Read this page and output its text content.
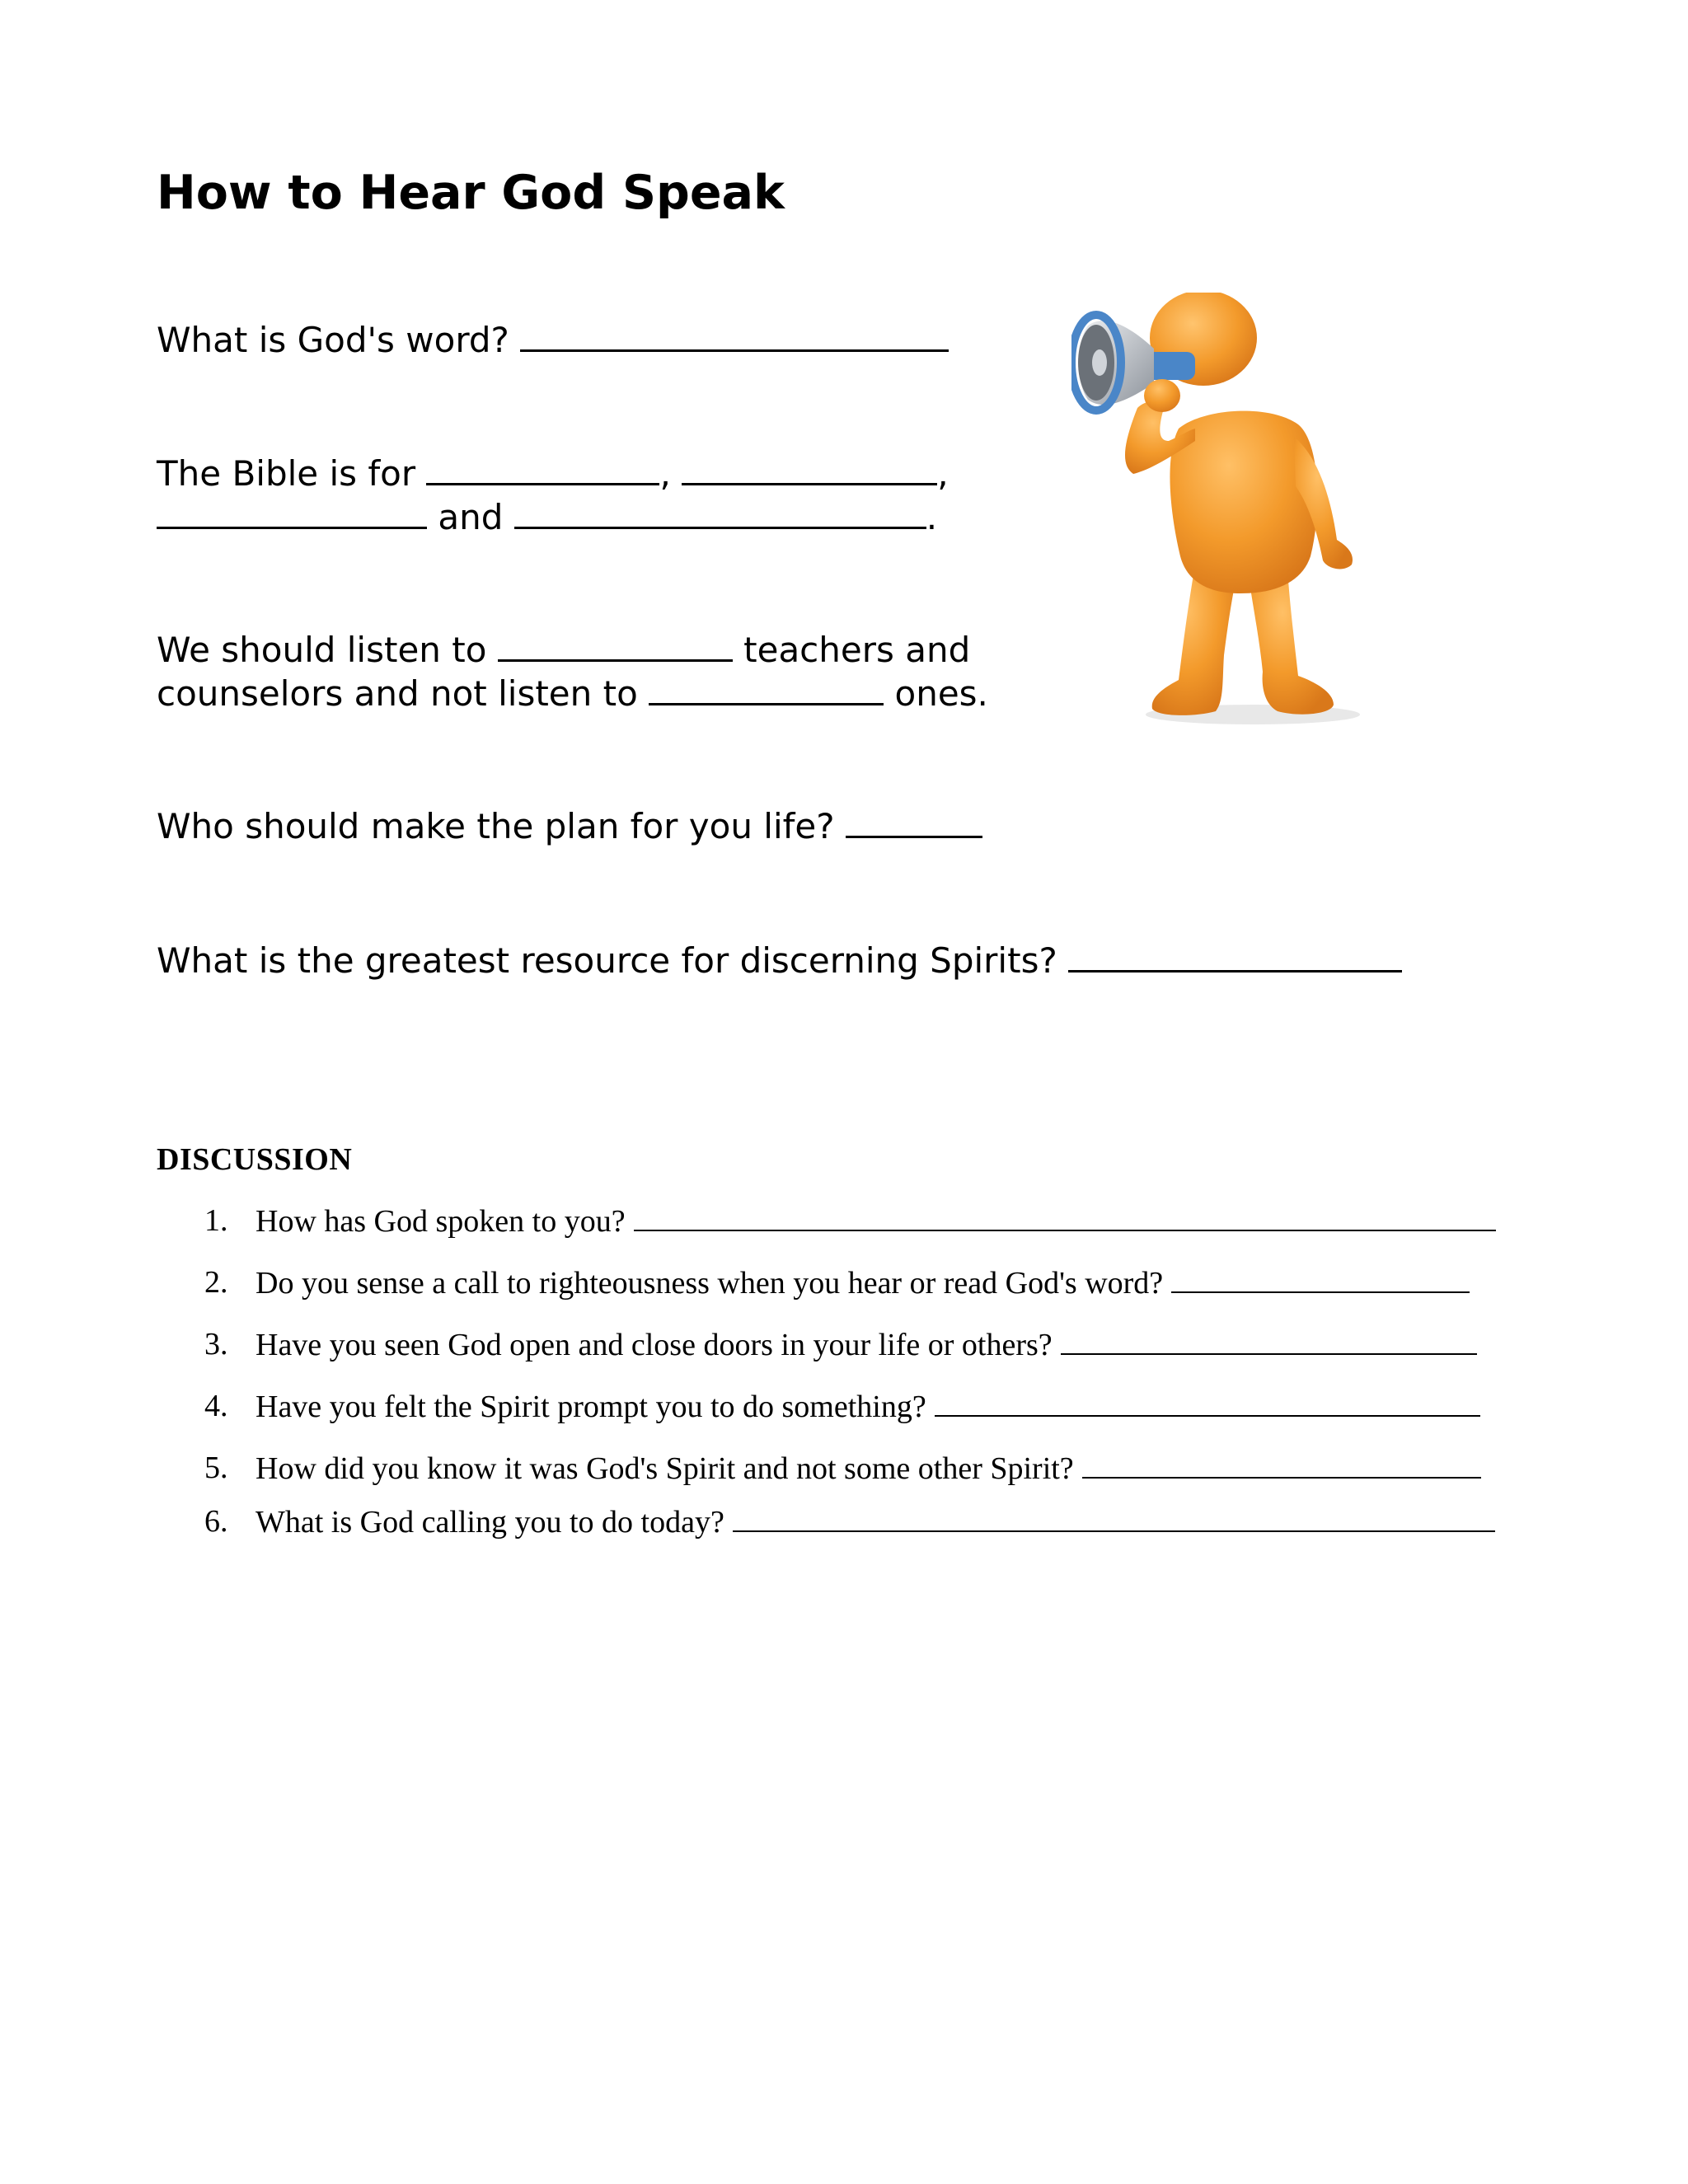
How to Hear God Speak

What is God's word?

The Bible is for	,	,
and	.

We should listen to	teachers and
counselors and not listen to	ones.

Who should make the plan for you life?

What is the greatest resource for discerning Spirits?

DISCUSSION
1. How has God spoken to you?
2. Do you sense a call to righteousness when you hear or read God's word?
3. Have you seen God open and close doors in your life or others?
4. Have you felt the Spirit prompt you to do something?
5. How did you know it was God's Spirit and not some other Spirit?
6. What is God calling you to do today?
